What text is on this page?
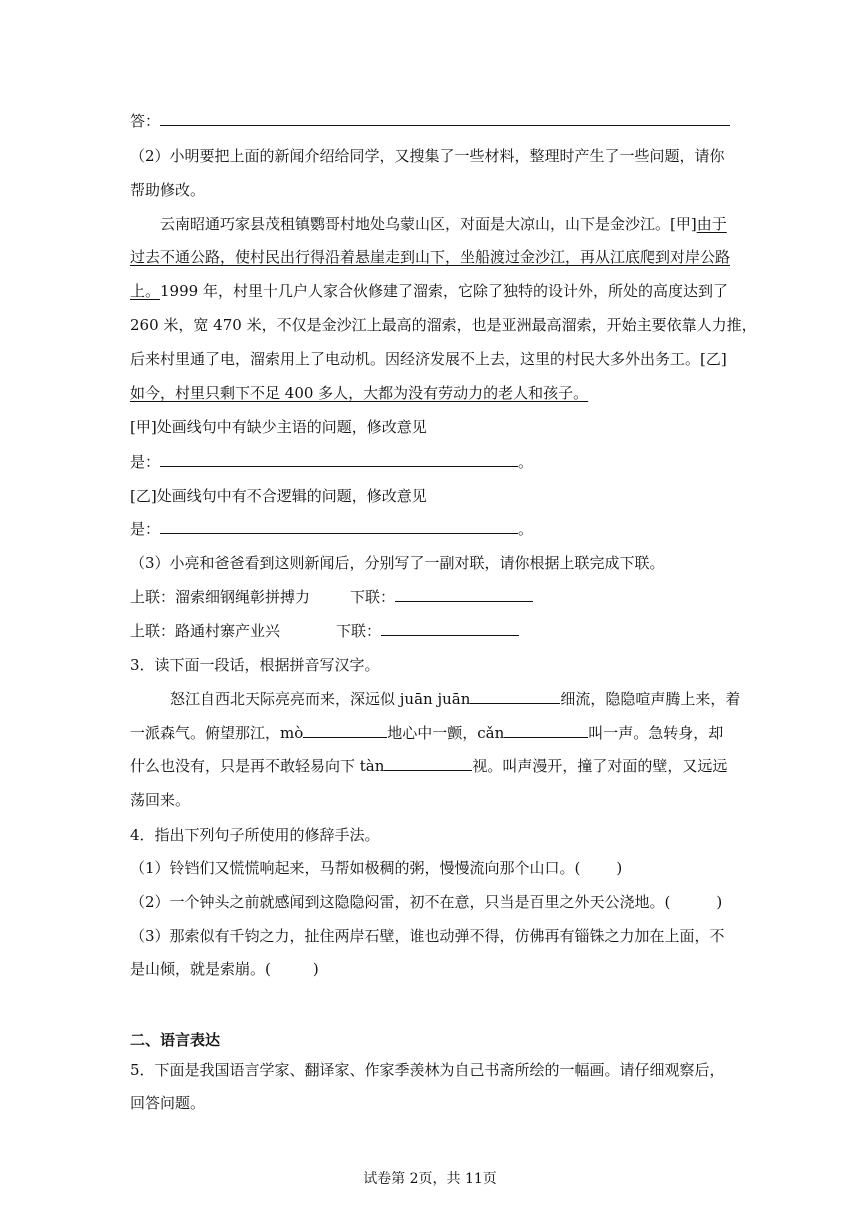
答：
（2）小明要把上面的新闻介绍给同学，又搜集了一些材料，整理时产生了一些问题，请你
帮助修改。
云南昭通巧家县茂租镇鹦哥村地处乌蒙山区，对面是大凉山，山下是金沙江。[甲]由于
过去不通公路，使村民出行得沿着悬崖走到山下，坐船渡过金沙江，再从江底爬到对岸公路
上。1999 年，村里十几户人家合伙修建了溜索，它除了独特的设计外，所处的高度达到了
260 米，宽 470 米，不仅是金沙江上最高的溜索，也是亚洲最高溜索，开始主要依靠人力推，
后来村里通了电，溜索用上了电动机。因经济发展不上去，这里的村民大多外出务工。[乙]
如今，村里只剩下不足 400 多人，大都为没有劳动力的老人和孩子。
[甲]处画线句中有缺少主语的问题，修改意见
是：	。
[乙]处画线句中有不合逻辑的问题，修改意见
是：	。
（3）小亮和爸爸看到这则新闻后，分别写了一副对联，请你根据上联完成下联。
上联：溜索细钢绳彰拼搏力	下联：
上联：路通村寨产业兴	下联：
3．读下面一段话，根据拼音写汉字。
怒江自西北天际亮亮而来，深远似 juān juān	细流，隐隐喧声腾上来，着
一派森气。俯望那江，mò	地心中一颤，cǎn	叫一声。急转身，却
什么也没有，只是再不敢轻易向下 tàn	视。叫声漫开，撞了对面的壁，又远远
荡回来。
4．指出下列句子所使用的修辞手法。
（1）铃铛们又慌慌响起来，马帮如极稠的粥，慢慢流向那个山口。( )
（2）一个钟头之前就感闻到这隐隐闷雷，初不在意，只当是百里之外天公浇地。(	)
（3）那索似有千钧之力，扯住两岸石壁，谁也动弹不得，仿佛再有锱铢之力加在上面，不
是山倾，就是索崩。(	)
二、语言表达
5．下面是我国语言学家、翻译家、作家季羡林为自己书斋所绘的一幅画。请仔细观察后，
回答问题。
试卷第 2页，共 11页
